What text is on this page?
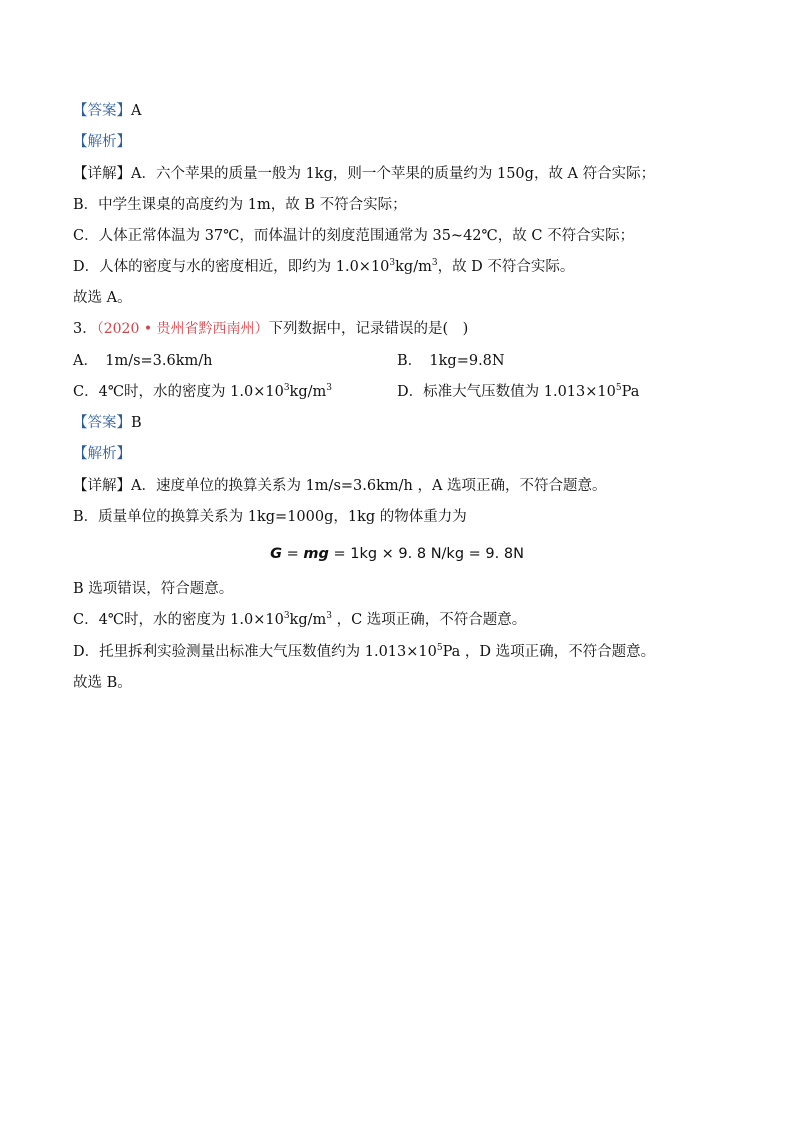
【答案】A
【解析】
【详解】A．六个苹果的质量一般为 1kg，则一个苹果的质量约为 150g，故 A 符合实际；
B．中学生课桌的高度约为 1m，故 B 不符合实际；
C．人体正常体温为 37℃，而体温计的刻度范围通常为 35~42℃，故 C 不符合实际；
D．人体的密度与水的密度相近，即约为 $1.0\times 10^3kg/m^3$，故 D 不符合实际。
故选 A。
3．（2020 • 贵州省黔西南州）下列数据中，记录错误的是(　)
A．　1m/s=3.6km/h	B．　1kg=9.8N
C．4℃时，水的密度为 $1.0\times 10^3kg/m^3$	D．标准大气压数值为 $1.013\times 10^5Pa$
【答案】B
【解析】
【详解】A．速度单位的换算关系为 1m/s=3.6km/h ，A 选项正确，不符合题意。
B．质量单位的换算关系为 1kg=1000g，1kg 的物体重力为
G = mg = 1kg × 9. 8 N/kg = 9. 8N
B 选项错误，符合题意。
C．4℃时，水的密度为 $1.0\times 10^3kg/m^3$ ，C 选项正确，不符合题意。
D．托里拆利实验测量出标准大气压数值约为 $1.013\times 10^5Pa$ ，D 选项正确，不符合题意。
故选 B。
